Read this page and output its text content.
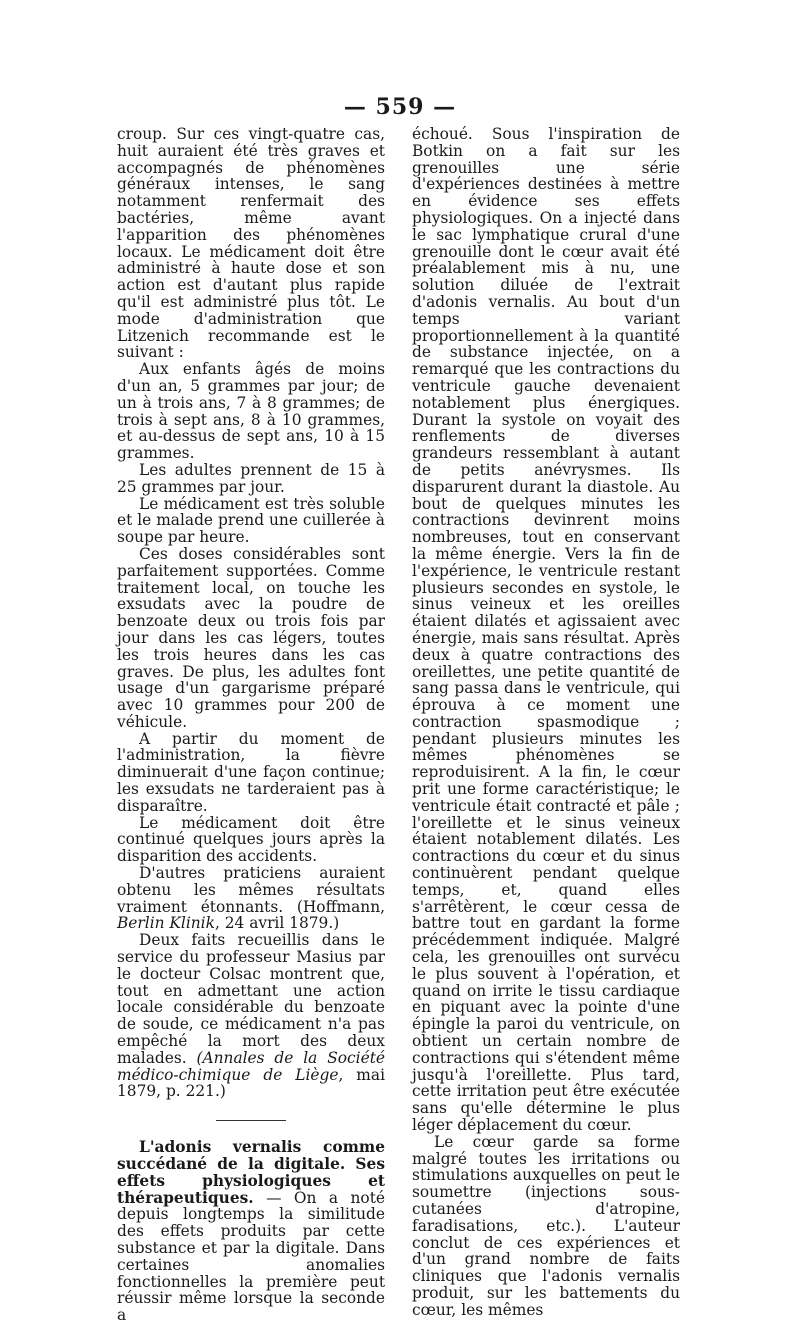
— 559 —

croup. Sur ces vingt-quatre cas, huit auraient été très graves et accompagnés de phénomènes généraux intenses, le sang notamment renfermait des bactéries, même avant l'apparition des phénomènes locaux. Le médicament doit être administré à haute dose et son action est d'autant plus rapide qu'il est administré plus tôt. Le mode d'administration que Litzenich recommande est le suivant :

Aux enfants âgés de moins d'un an, 5 grammes par jour; de un à trois ans, 7 à 8 grammes; de trois à sept ans, 8 à 10 grammes, et au-dessus de sept ans, 10 à 15 grammes.

Les adultes prennent de 15 à 25 grammes par jour.

Le médicament est très soluble et le malade prend une cuillerée à soupe par heure.

Ces doses considérables sont parfaitement supportées. Comme traitement local, on touche les exsudats avec la poudre de benzoate deux ou trois fois par jour dans les cas légers, toutes les trois heures dans les cas graves. De plus, les adultes font usage d'un gargarisme préparé avec 10 grammes pour 200 de véhicule.

A partir du moment de l'administration, la fièvre diminuerait d'une façon continue; les exsudats ne tarderaient pas à disparaître.

Le médicament doit être continué quelques jours après la disparition des accidents.

D'autres praticiens auraient obtenu les mêmes résultats vraiment étonnants. (Hoffmann, Berlin Klinik, 24 avril 1879.)

Deux faits recueillis dans le service du professeur Masius par le docteur Colsac montrent que, tout en admettant une action locale considérable du benzoate de soude, ce médicament n'a pas empêché la mort des deux malades. (Annales de la Société médico-chimique de Liège, mai 1879, p. 221.)

L'adonis vernalis comme succédané de la digitale. Ses effets physiologiques et thérapeutiques. — On a noté depuis longtemps la similitude des effets produits par cette substance et par la digitale. Dans certaines anomalies fonctionnelles la première peut réussir même lorsque la seconde a

échoué. Sous l'inspiration de Botkin on a fait sur les grenouilles une série d'expériences destinées à mettre en évidence ses effets physiologiques. On a injecté dans le sac lymphatique crural d'une grenouille dont le cœur avait été préalablement mis à nu, une solution diluée de l'extrait d'adonis vernalis. Au bout d'un temps variant proportionnellement à la quantité de substance injectée, on a remarqué que les contractions du ventricule gauche devenaient notablement plus énergiques. Durant la systole on voyait des renflements de diverses grandeurs ressemblant à autant de petits anévrysmes. Ils disparurent durant la diastole. Au bout de quelques minutes les contractions devinrent moins nombreuses, tout en conservant la même énergie. Vers la fin de l'expérience, le ventricule restant plusieurs secondes en systole, le sinus veineux et les oreilles étaient dilatés et agissaient avec énergie, mais sans résultat. Après deux à quatre contractions des oreillettes, une petite quantité de sang passa dans le ventricule, qui éprouva à ce moment une contraction spasmodique ; pendant plusieurs minutes les mêmes phénomènes se reproduisirent. A la fin, le cœur prit une forme caractéristique; le ventricule était contracté et pâle ; l'oreillette et le sinus veineux étaient notablement dilatés. Les contractions du cœur et du sinus continuèrent pendant quelque temps, et, quand elles s'arrêtèrent, le cœur cessa de battre tout en gardant la forme précédemment indiquée. Malgré cela, les grenouilles ont survécu le plus souvent à l'opération, et quand on irrite le tissu cardiaque en piquant avec la pointe d'une épingle la paroi du ventricule, on obtient un certain nombre de contractions qui s'étendent même jusqu'à l'oreillette. Plus tard, cette irritation peut être exécutée sans qu'elle détermine le plus léger déplacement du cœur.

Le cœur garde sa forme malgré toutes les irritations ou stimulations auxquelles on peut le soumettre (injections sous-cutanées d'atropine, faradisations, etc.). L'auteur conclut de ces expériences et d'un grand nombre de faits cliniques que l'adonis vernalis produit, sur les battements du cœur, les mêmes
